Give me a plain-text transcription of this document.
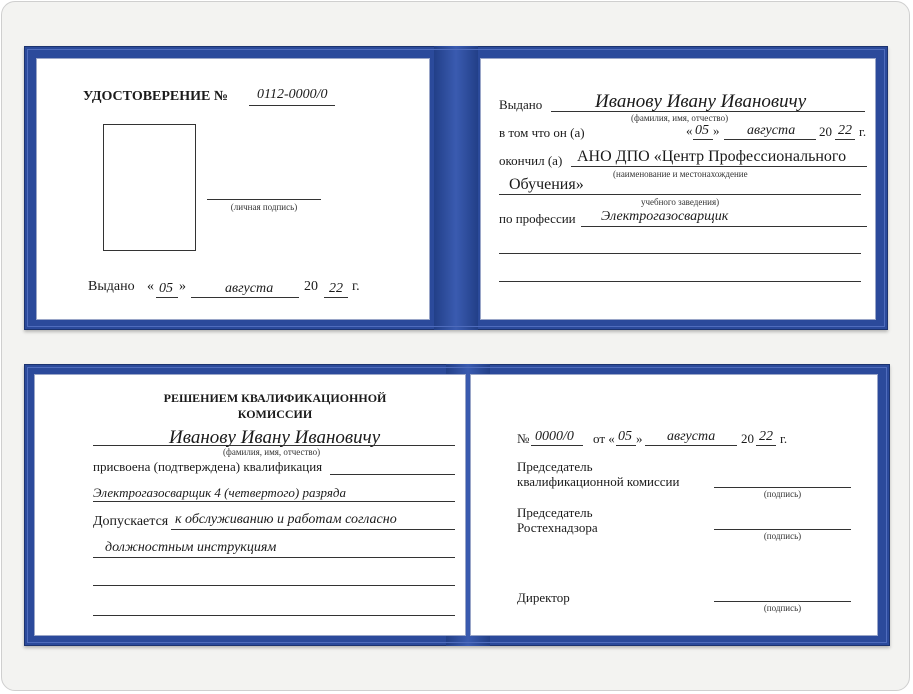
УДОСТОВЕРЕНИЕ № 0112-0000/0
(личная подпись)
Выдано « 05 »	августа 20 22 г.
Выдано	Иванову Ивану Ивановичу
(фамилия, имя, отчество)
в том что он (а)	« 05 » августа 20 22 г.
окончил (а) АНО ДПО «Центр Профессионального
(наименование и местонахождение
Обучения»
учебного заведения)
по профессии Электрогазосварщик
РЕШЕНИЕМ КВАЛИФИКАЦИОННОЙ
КОМИССИИ
Иванову Ивану Ивановичу
(фамилия, имя, отчество)
присвоена (подтверждена) квалификация
Электрогазосварщик 4 (четвертого) разряда
Допускается к обслуживанию и работам согласно
должностным инструкциям
№ 0000/0 от « 05 » августа 20 22 г.
Председатель
квалификационной комиссии
(подпись)
Председатель
Ростехнадзора
(подпись)
Директор
(подпись)
